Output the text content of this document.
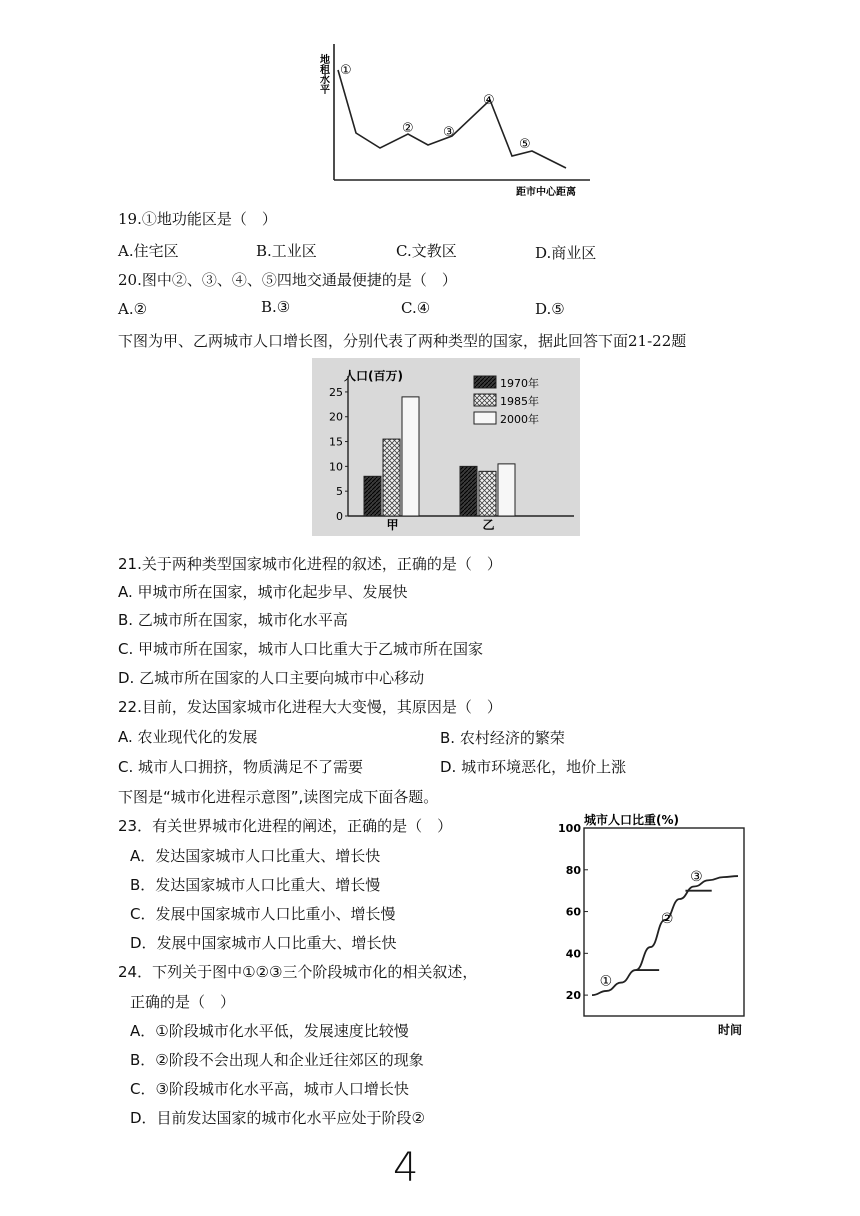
地租水平
距市中心距离
①
② ③
④
⑤
19.①地功能区是（　）
A.住宅区	B.工业区	C.文教区	D.商业区
20.图中②、③、④、⑤四地交通最便捷的是（　）
A.②	B.③	C.④	D.⑤
下图为甲、乙两城市人口增长图，分别代表了两种类型的国家，据此回答下面21-22题
人口(百万)
0
5
10
15
20
25
甲	乙
1970年
1985年
2000年
21.关于两种类型国家城市化进程的叙述，正确的是（　）
A. 甲城市所在国家，城市化起步早、发展快
B. 乙城市所在国家，城市化水平高
C. 甲城市所在国家，城市人口比重大于乙城市所在国家
D. 乙城市所在国家的人口主要向城市中心移动
22.目前，发达国家城市化进程大大变慢，其原因是（　）
A. 农业现代化的发展	B. 农村经济的繁荣
C. 城市人口拥挤，物质满足不了需要	D. 城市环境恶化，地价上涨
下图是“城市化进程示意图”,读图完成下面各题。
23．有关世界城市化进程的阐述，正确的是（　）
A．发达国家城市人口比重大、增长快
B．发达国家城市人口比重大、增长慢
C．发展中国家城市人口比重小、增长慢
D．发展中国家城市人口比重大、增长快
24．下列关于图中①②③三个阶段城市化的相关叙述，
正确的是（　）
A．①阶段城市化水平低，发展速度比较慢
B．②阶段不会出现人和企业迁往郊区的现象
C．③阶段城市化水平高，城市人口增长快
D．目前发达国家的城市化水平应处于阶段②
城市人口比重(%)
时间
20
40
60
80
100
①
②
③
4
